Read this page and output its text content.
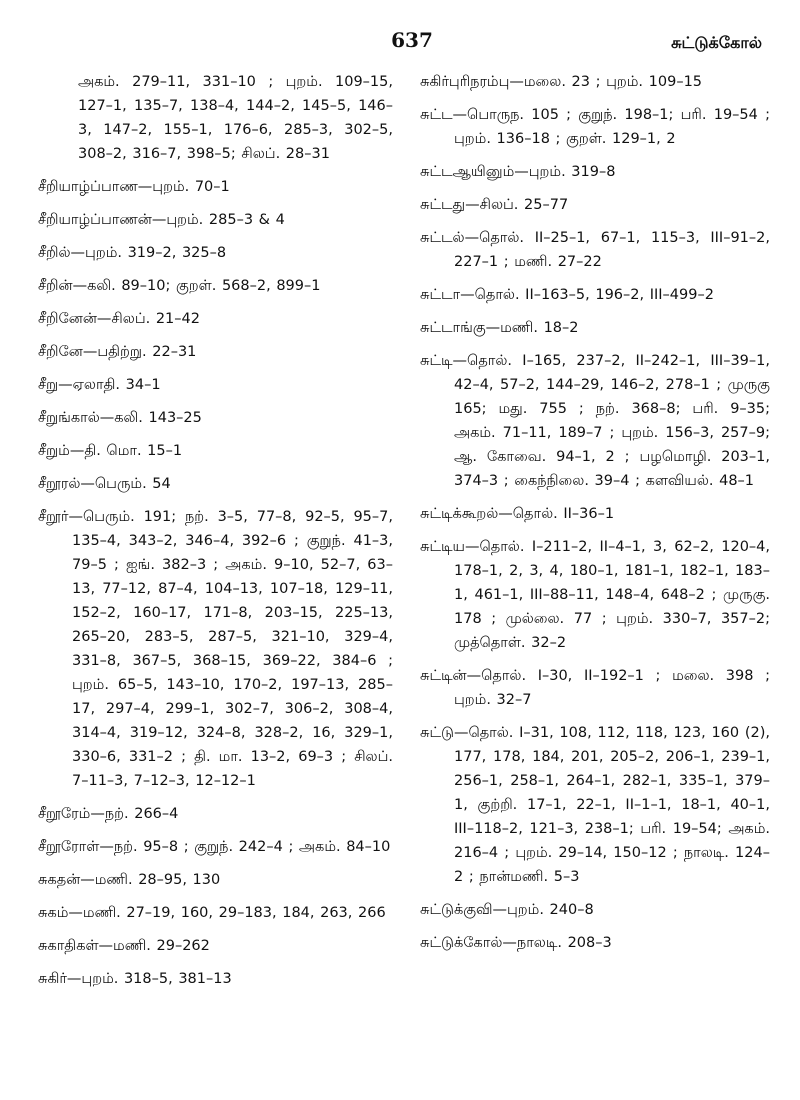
637	சுட்டுக்கோல்

அகம். 279–11, 331–10 ; புறம். 109–15, 127–1, 135–7, 138–4, 144–2, 145–5, 146–3, 147–2, 155–1, 176–6, 285–3, 302–5, 308–2, 316–7, 398–5; சிலப். 28–31

சீறியாழ்ப்பாண—புறம். 70–1

சீறியாழ்ப்பாணன்—புறம். 285–3 & 4

சீறில்—புறம். 319–2, 325–8

சீறின்—கலி. 89–10; குறள். 568–2, 899–1

சீறினேன்—சிலப். 21–42

சீறினே—பதிற்று. 22–31

சீறு—ஏலாதி. 34–1

சீறுங்கால்—கலி. 143–25

சீறும்—தி. மொ. 15–1

சீறூரல்—பெரும். 54

சீறூர்—பெரும். 191; நற். 3–5, 77–8, 92–5, 95–7, 135–4, 343–2, 346–4, 392–6 ; குறுந். 41–3, 79–5 ; ஐங். 382–3 ; அகம். 9–10, 52–7, 63–13, 77–12, 87–4, 104–13, 107–18, 129–11, 152–2, 160–17, 171–8, 203–15, 225–13, 265–20, 283–5, 287–5, 321–10, 329–4, 331–8, 367–5, 368–15, 369–22, 384–6 ; புறம். 65–5, 143–10, 170–2, 197–13, 285–17, 297–4, 299–1, 302–7, 306–2, 308–4, 314–4, 319–12, 324–8, 328–2, 16, 329–1, 330–6, 331–2 ; தி. மா. 13–2, 69–3 ; சிலப். 7–11–3, 7–12–3, 12–12–1

சீறூரேம்—நற். 266–4

சீறூரோள்—நற். 95–8 ; குறுந். 242–4 ; அகம். 84–10

சுகதன்—மணி. 28–95, 130

சுகம்—மணி. 27–19, 160, 29–183, 184, 263, 266

சுகாதிகள்—மணி. 29–262

சுகிர்—புறம். 318–5, 381–13

சுகிர்புரிநரம்பு—மலை. 23 ; புறம். 109–15

சுட்ட—பொருந. 105 ; குறுந். 198–1; பரி. 19–54 ; புறம். 136–18 ; குறள். 129–1, 2

சுட்டஆயினும்—புறம். 319–8

சுட்டது—சிலப். 25–77

சுட்டல்—தொல். II–25–1, 67–1, 115–3, III–91–2, 227–1 ; மணி. 27–22

சுட்டா—தொல். II–163–5, 196–2, III–499–2

சுட்டாங்கு—மணி. 18–2

சுட்டி—தொல். I–165, 237–2, II–242–1, III–39–1, 42–4, 57–2, 144–29, 146–2, 278–1 ; முருகு 165; மது. 755 ; நற். 368–8; பரி. 9–35; அகம். 71–11, 189–7 ; புறம். 156–3, 257–9; ஆ. கோவை. 94–1, 2 ; பழமொழி. 203–1, 374–3 ; கைந்நிலை. 39–4 ; களவியல். 48–1

சுட்டிக்கூறல்—தொல். II–36–1

சுட்டிய—தொல். I–211–2, II–4–1, 3, 62–2, 120–4, 178–1, 2, 3, 4, 180–1, 181–1, 182–1, 183–1, 461–1, III–88–11, 148–4, 648–2 ; முருகு. 178 ; முல்லை. 77 ; புறம். 330–7, 357–2; முத்தொள். 32–2

சுட்டின்—தொல். I–30, II–192–1 ; மலை. 398 ; புறம். 32–7

சுட்டு—தொல். I–31, 108, 112, 118, 123, 160 (2), 177, 178, 184, 201, 205–2, 206–1, 239–1, 256–1, 258–1, 264–1, 282–1, 335–1, 379–1, குற்றி. 17–1, 22–1, II–1–1, 18–1, 40–1, III–118–2, 121–3, 238–1; பரி. 19–54; அகம். 216–4 ; புறம். 29–14, 150–12 ; நாலடி. 124–2 ; நான்மணி. 5–3

சுட்டுக்குவி—புறம். 240–8

சுட்டுக்கோல்—நாலடி. 208–3
